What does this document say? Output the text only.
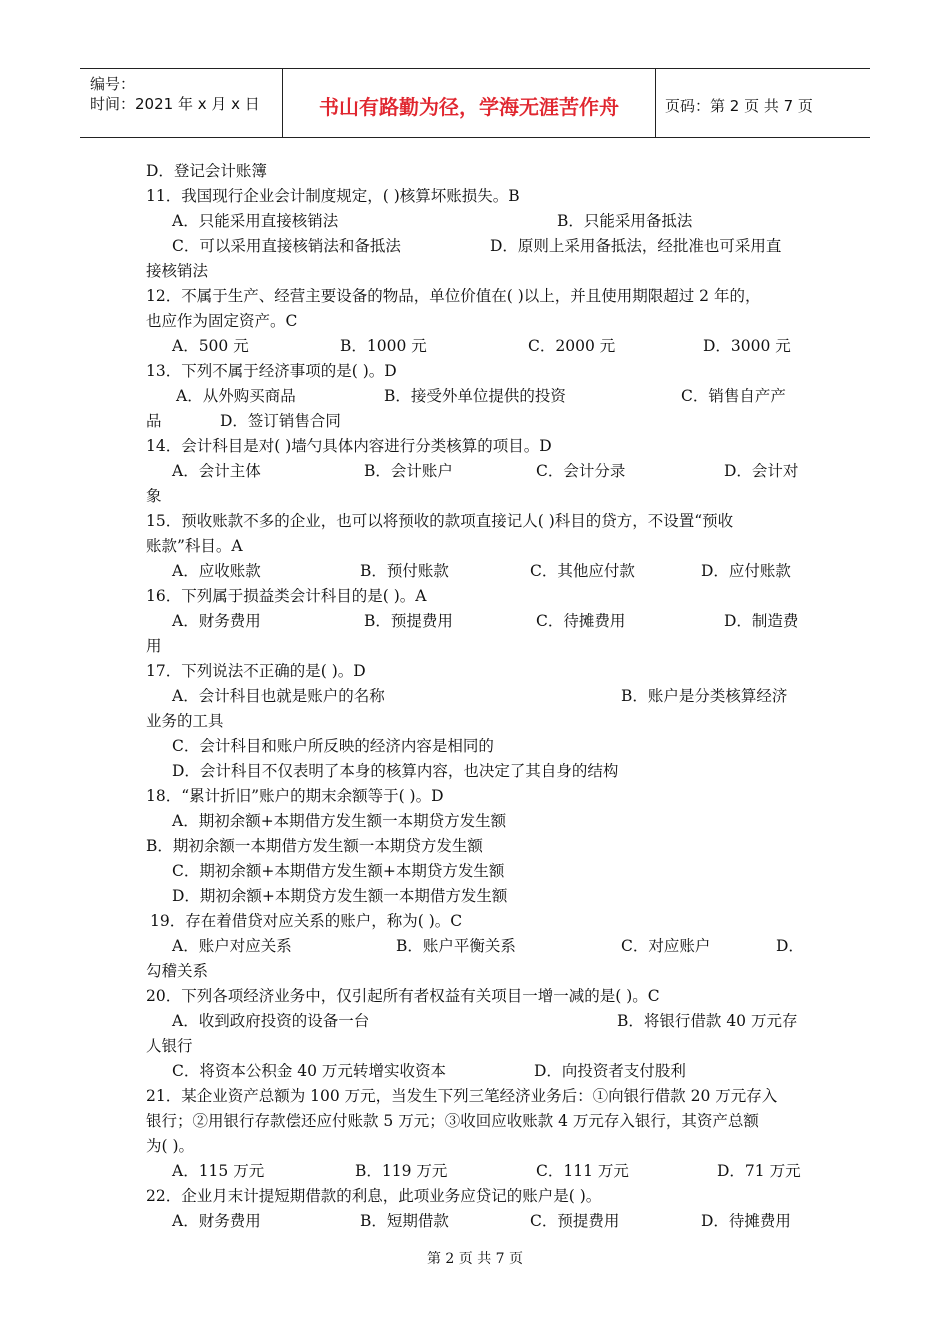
编号：
时间：2021 年 x 月 x 日	书山有路勤为径，学海无涯苦作舟	页码：第 2 页 共 7 页
D．登记会计账簿
11．我国现行企业会计制度规定，( )核算坏账损失。B
A．只能采用直接核销法	B．只能采用备抵法
C．可以采用直接核销法和备抵法	D．原则上采用备抵法，经批准也可采用直
接核销法
12．不属于生产、经营主要设备的物品，单位价值在( )以上，并且使用期限超过 2 年的，
也应作为固定资产。C
A．500 元	B．1000 元	C．2000 元	D．3000 元
13．下列不属于经济事项的是( )。D
A．从外购买商品	B．接受外单位提供的投资	C．销售自产产
品	D．签订销售合同
14．会计科目是对( )墙勺具体内容进行分类核算的项目。D
A．会计主体	B．会计账户	C．会计分录	D．会计对
象
15．预收账款不多的企业，也可以将预收的款项直接记人( )科目的贷方，不设置“预收
账款”科目。A
A．应收账款	B．预付账款	C．其他应付款	D．应付账款
16．下列属于损益类会计科目的是( )。A
A．财务费用	B．预提费用	C．待摊费用	D．制造费
用
17．下列说法不正确的是( )。D
A．会计科目也就是账户的名称	B．账户是分类核算经济
业务的工具
C．会计科目和账户所反映的经济内容是相同的
D．会计科目不仅表明了本身的核算内容，也决定了其自身的结构
18．“累计折旧”账户的期末余额等于( )。D
A．期初余额+本期借方发生额一本期贷方发生额
B．期初余额一本期借方发生额一本期贷方发生额
C．期初余额+本期借方发生额+本期贷方发生额
D．期初余额+本期贷方发生额一本期借方发生额
19．存在着借贷对应关系的账户，称为( )。C
A．账户对应关系	B．账户平衡关系	C．对应账户	D．
勾稽关系
20．下列各项经济业务中，仅引起所有者权益有关项目一增一减的是( )。C
A．收到政府投资的设备一台	B．将银行借款 40 万元存
人银行
C．将资本公积金 40 万元转增实收资本	D．向投资者支付股利
21．某企业资产总额为 100 万元，当发生下列三笔经济业务后：①向银行借款 20 万元存入
银行；②用银行存款偿还应付账款 5 万元；③收回应收账款 4 万元存入银行，其资产总额
为( )。
A．115 万元	B．119 万元	C．111 万元	D．71 万元
22．企业月末计提短期借款的利息，此项业务应贷记的账户是( )。
A．财务费用	B．短期借款	C．预提费用	D．待摊费用
第 2 页 共 7 页
